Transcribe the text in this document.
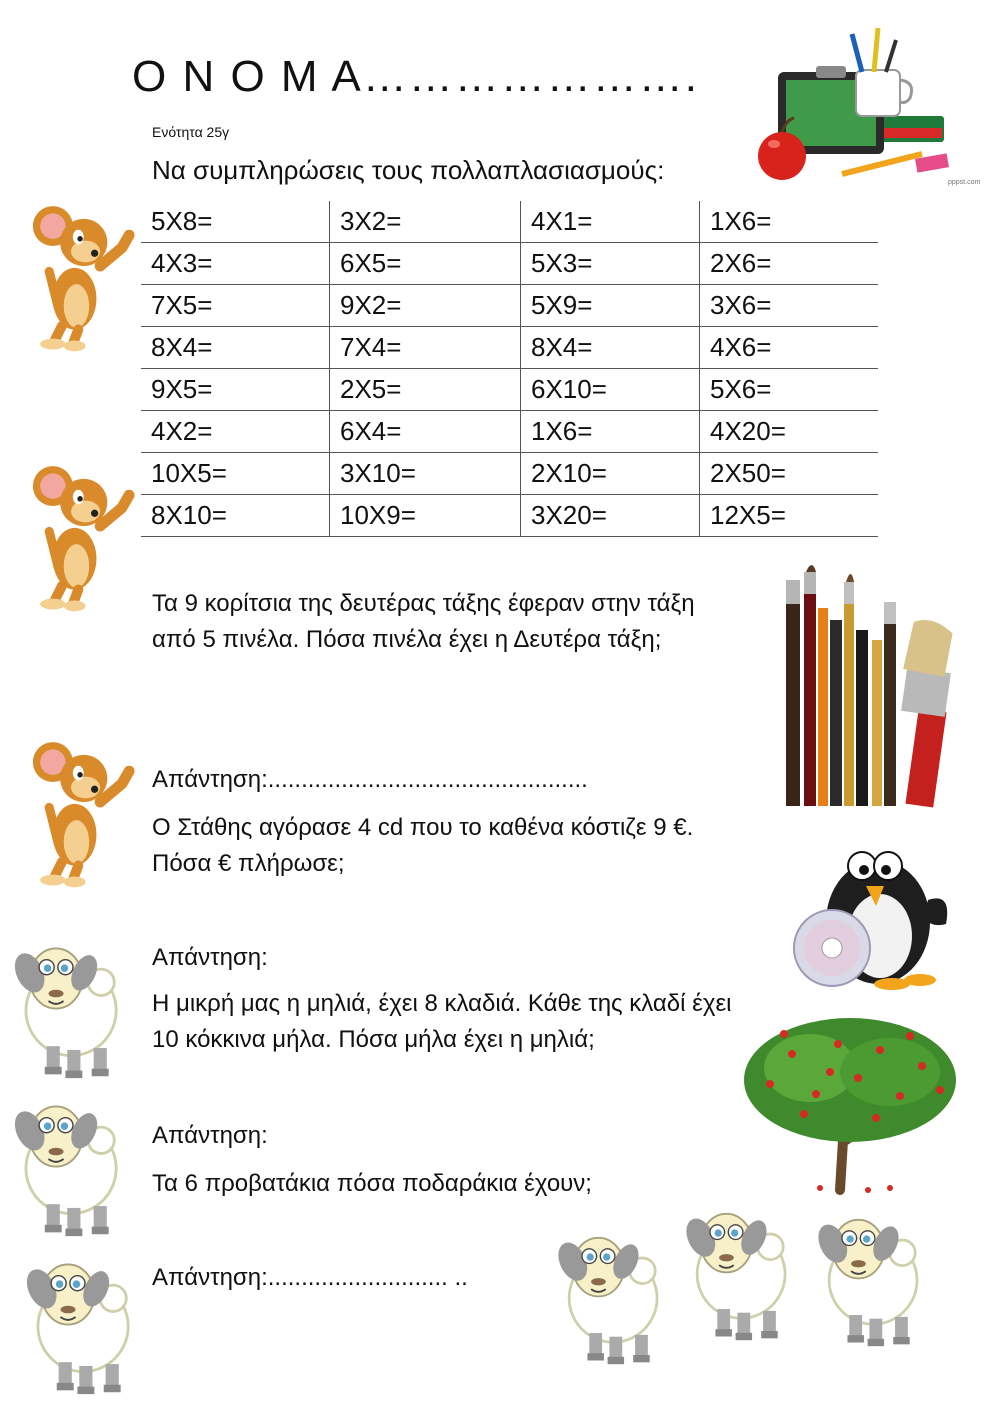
Ο Ν Ο Μ Α………………….
Ενότητα 25γ
Να συμπληρώσεις τους πολλαπλασιασμούς:	pppst.com
5Χ8=	3Χ2=	4Χ1=	1Χ6=
4Χ3=	6Χ5=	5Χ3=	2Χ6=
7Χ5=	9Χ2=	5Χ9=	3Χ6=
8Χ4=	7Χ4=	8Χ4=	4Χ6=
9Χ5=	2Χ5=	6Χ10=	5Χ6=
4Χ2=	6Χ4=	1Χ6=	4Χ20=
10Χ5=	3Χ10=	2Χ10=	2Χ50=
8Χ10=	10Χ9=	3Χ20=	12Χ5=
Τα 9 κορίτσια της δευτέρας τάξης έφεραν στην τάξη
από 5 πινέλα. Πόσα πινέλα έχει η Δευτέρα τάξη;
Απάντηση:................................................
Ο Στάθης αγόρασε 4 cd που το καθένα κόστιζε 9 €.
Πόσα € πλήρωσε;
Απάντηση:
Η μικρή μας η μηλιά, έχει 8 κλαδιά. Κάθε της κλαδί έχει
10 κόκκινα μήλα. Πόσα μήλα έχει η μηλιά;
Απάντηση:
Τα 6 προβατάκια πόσα ποδαράκια έχουν;
Απάντηση:........................... ..
